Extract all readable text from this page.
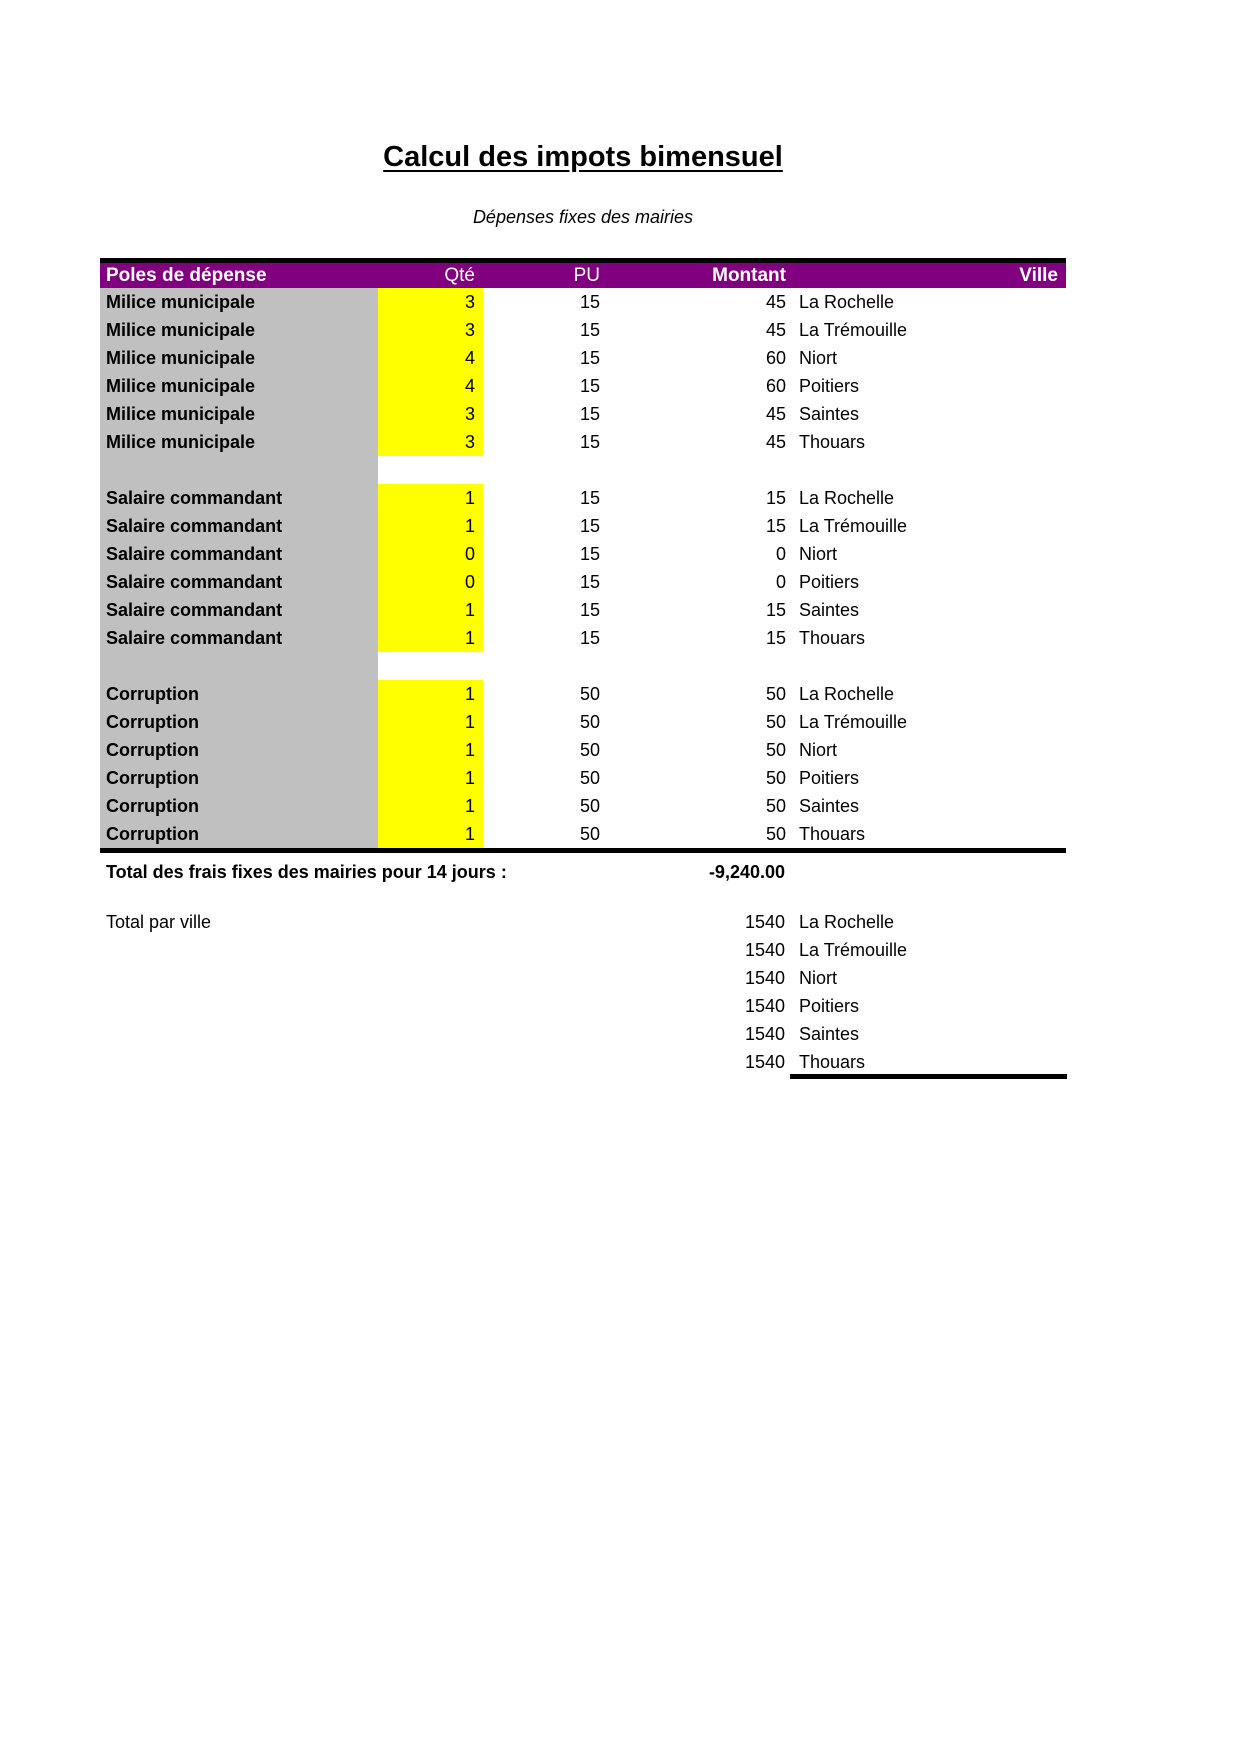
Calcul des impots bimensuel
Dépenses fixes des mairies
Poles de dépense	Qté	PU	Montant	Ville
Milice municipale	3	15	45 La Rochelle
Milice municipale	3	15	45 La Trémouille
Milice municipale	4	15	60 Niort
Milice municipale	4	15	60 Poitiers
Milice municipale	3	15	45 Saintes
Milice municipale	3	15	45 Thouars
Salaire commandant	1	15	15 La Rochelle
Salaire commandant	1	15	15 La Trémouille
Salaire commandant	0	15	0 Niort
Salaire commandant	0	15	0 Poitiers
Salaire commandant	1	15	15 Saintes
Salaire commandant	1	15	15 Thouars
Corruption	1	50	50 La Rochelle
Corruption	1	50	50 La Trémouille
Corruption	1	50	50 Niort
Corruption	1	50	50 Poitiers
Corruption	1	50	50 Saintes
Corruption	1	50	50 Thouars
Total des frais fixes des mairies pour 14 jours :	-9,240.00
Total par ville	1540 La Rochelle
1540 La Trémouille
1540 Niort
1540 Poitiers
1540 Saintes
1540 Thouars
